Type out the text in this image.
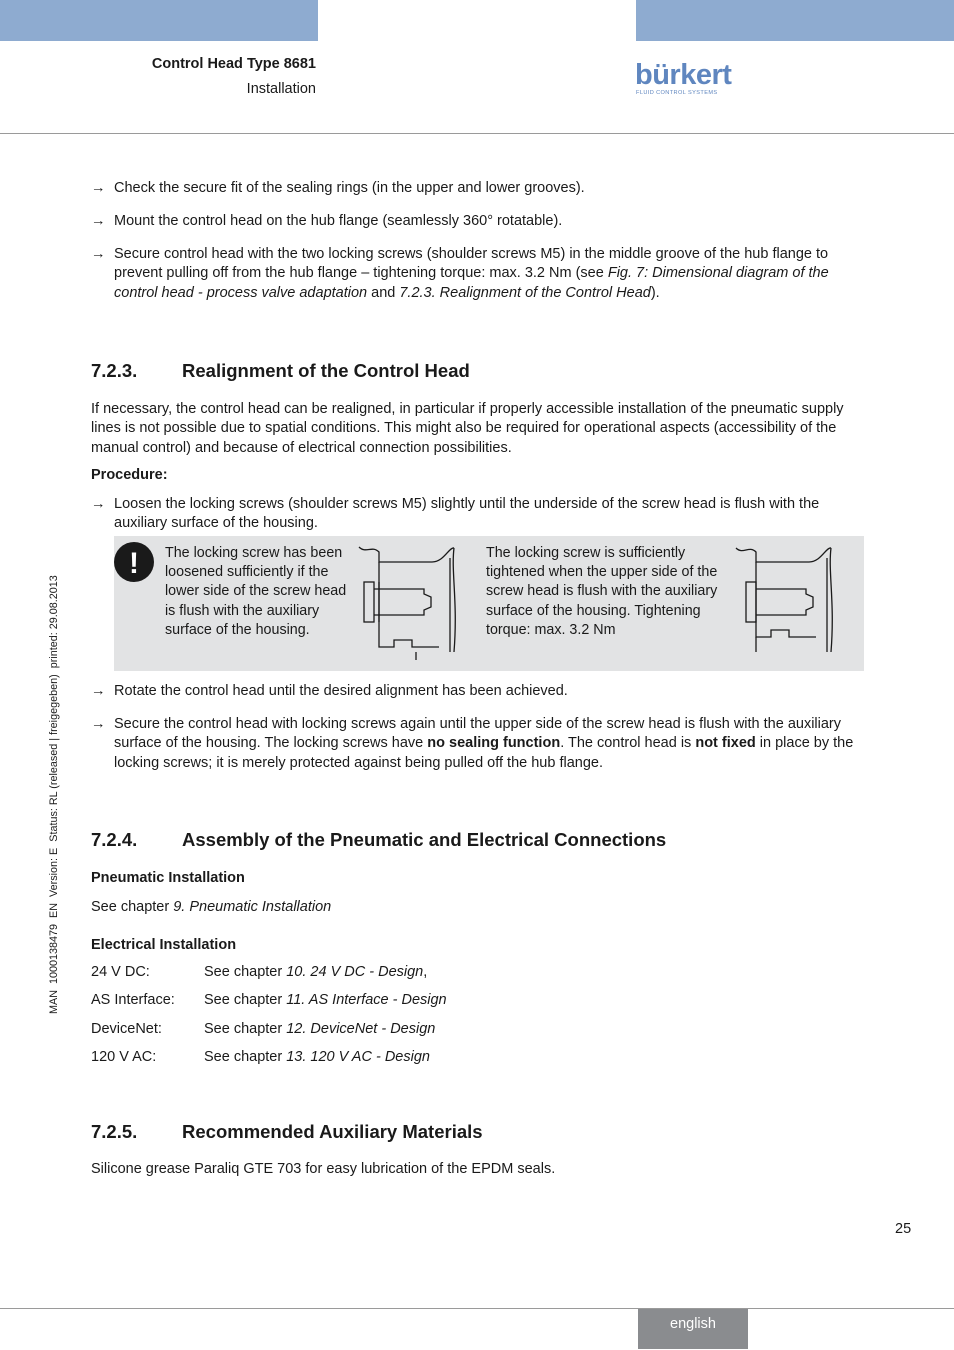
Control Head Type 8681
Installation	bürkert
FLUID CONTROL SYSTEMS
MAN  1000138479  EN  Version: E  Status: RL (released | freigegeben)  printed: 29.08.2013
→ Check the secure fit of the sealing rings (in the upper and lower grooves).
→ Mount the control head on the hub flange (seamlessly 360° rotatable).
→ Secure control head with the two locking screws (shoulder screws M5) in the middle groove of the hub flange to prevent pulling off from the hub flange – tightening torque: max. 3.2 Nm (see Fig. 7: Dimensional diagram of the control head - process valve adaptation and 7.2.3. Realignment of the Control Head).
7.2.3. Realignment of the Control Head
If necessary, the control head can be realigned, in particular if properly accessible installation of the pneumatic supply lines is not possible due to spatial conditions. This might also be required for operational aspects (accessibility of the manual control) and because of electrical connection possibilities.
Procedure:
→ Loosen the locking screws (shoulder screws M5) slightly until the underside of the screw head is flush with the auxiliary surface of the housing.
! The locking screw has been loosened sufficiently if the lower side of the screw head is flush with the auxiliary surface of the housing.
The locking screw is sufficiently tightened when the upper side of the screw head is flush with the auxiliary surface of the housing. Tightening torque: max. 3.2 Nm
→ Rotate the control head until the desired alignment has been achieved.
→ Secure the control head with locking screws again until the upper side of the screw head is flush with the auxiliary surface of the housing. The locking screws have no sealing function. The control head is not fixed in place by the locking screws; it is merely protected against being pulled off the hub flange.
7.2.4. Assembly of the Pneumatic and Electrical Connections
Pneumatic Installation
See chapter 9. Pneumatic Installation
Electrical Installation
24 V DC:	See chapter 10. 24 V DC - Design,
AS Interface: See chapter 11. AS Interface - Design
DeviceNet:	See chapter 12. DeviceNet - Design
120 V AC:	See chapter 13. 120 V AC - Design
7.2.5. Recommended Auxiliary Materials
Silicone grease Paraliq GTE 703 for easy lubrication of the EPDM seals.
25
english
